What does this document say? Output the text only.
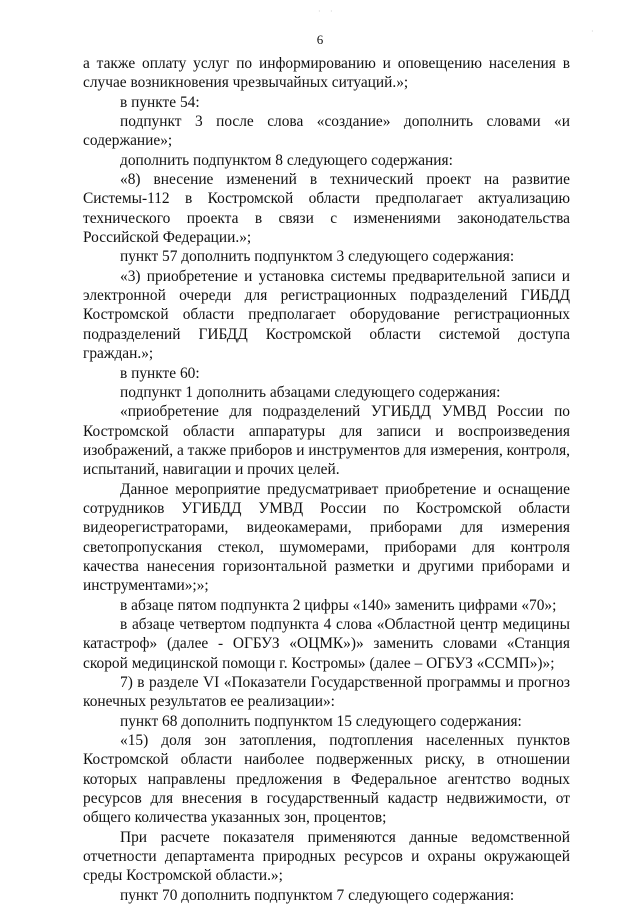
· ·
·
6

а также оплату услуг по информированию и оповещению населения в случае возникновения чрезвычайных ситуаций.»;

в пункте 54:

подпункт 3 после слова «создание» дополнить словами «и содержание»;

дополнить подпунктом 8 следующего содержания:

«8) внесение изменений в технический проект на развитие Системы-112 в Костромской области предполагает актуализацию технического проекта в связи с изменениями законодательства Российской Федерации.»;

пункт 57 дополнить подпунктом 3 следующего содержания:

«3) приобретение и установка системы предварительной записи и электронной очереди для регистрационных подразделений ГИБДД Костромской области предполагает оборудование регистрационных подразделений ГИБДД Костромской области системой доступа граждан.»;

в пункте 60:

подпункт 1 дополнить абзацами следующего содержания:

«приобретение для подразделений УГИБДД УМВД России по Костромской области аппаратуры для записи и воспроизведения изображений, а также приборов и инструментов для измерения, контроля, испытаний, навигации и прочих целей.

Данное мероприятие предусматривает приобретение и оснащение сотрудников УГИБДД УМВД России по Костромской области видеорегистраторами, видеокамерами, приборами для измерения светопропускания стекол, шумомерами, приборами для контроля качества нанесения горизонтальной разметки и другими приборами и инструментами»;»;

в абзаце пятом подпункта 2 цифры «140» заменить цифрами «70»;

в абзаце четвертом подпункта 4 слова «Областной центр медицины катастроф» (далее - ОГБУЗ «ОЦМК»)» заменить словами «Станция скорой медицинской помощи г. Костромы» (далее – ОГБУЗ «ССМП»)»;

7) в разделе VI «Показатели Государственной программы и прогноз конечных результатов ее реализации»:

пункт 68 дополнить подпунктом 15 следующего содержания:

«15) доля зон затопления, подтопления населенных пунктов Костромской области наиболее подверженных риску, в отношении которых направлены предложения в Федеральное агентство водных ресурсов для внесения в государственный кадастр недвижимости, от общего количества указанных зон, процентов;

При расчете показателя применяются данные ведомственной отчетности департамента природных ресурсов и охраны окружающей среды Костромской области.»;

пункт 70 дополнить подпунктом 7 следующего содержания:
